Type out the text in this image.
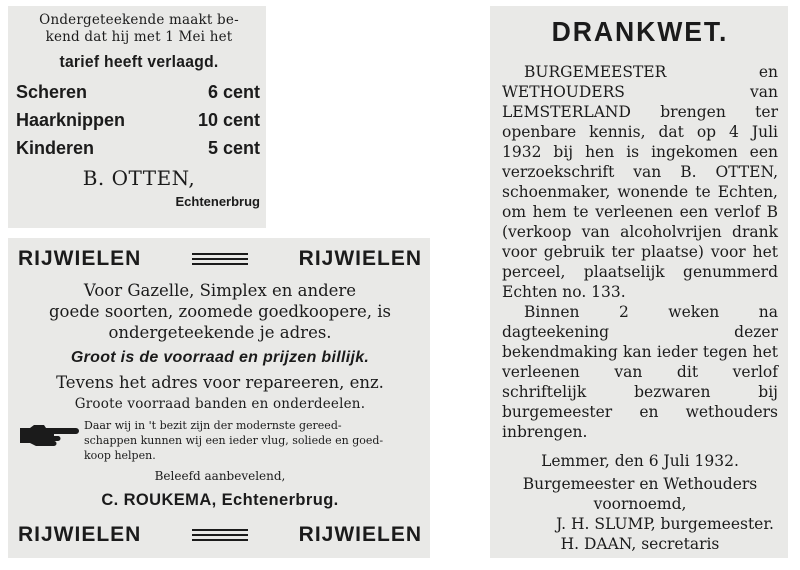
Ondergeteekende maakt be-
kend dat hij met 1 Mei het
tarief heeft verlaagd.
Scheren	6 cent
Haarknippen	10 cent
Kinderen	5 cent
B. OTTEN,
Echtenerbrug
RIJWIELEN	RIJWIELEN
Voor Gazelle, Simplex en andere
goede soorten, zoomede goedkoopere, is
ondergeteekende je adres.
Groot is de voorraad en prijzen billijk.
Tevens het adres voor repareeren, enz.
Groote voorraad banden en onderdeelen.
Daar wij in 't bezit zijn der modernste gereed-
schappen kunnen wij een ieder vlug, soliede en goed-
koop helpen.
Beleefd aanbevelend,
C. ROUKEMA, Echtenerbrug.
RIJWIELEN	RIJWIELEN
DRANKWET.

BURGEMEESTER en WETHOUDERS van LEMSTERLAND brengen ter openbare kennis, dat op 4 Juli 1932 bij hen is ingekomen een verzoekschrift van B. OTTEN, schoenmaker, wonende te Echten, om hem te verleenen een verlof B (verkoop van alcoholvrijen drank voor gebruik ter plaatse) voor het perceel, plaatselijk genummerd Echten no. 133.

Binnen 2 weken na dagteekening dezer bekendmaking kan ieder tegen het verleenen van dit verlof schriftelijk bezwaren bij burgemeester en wethouders inbrengen.

Lemmer, den 6 Juli 1932.
Burgemeester en Wethouders
voornoemd,
J. H. SLUMP, burgemeester.
H. DAAN, secretaris
